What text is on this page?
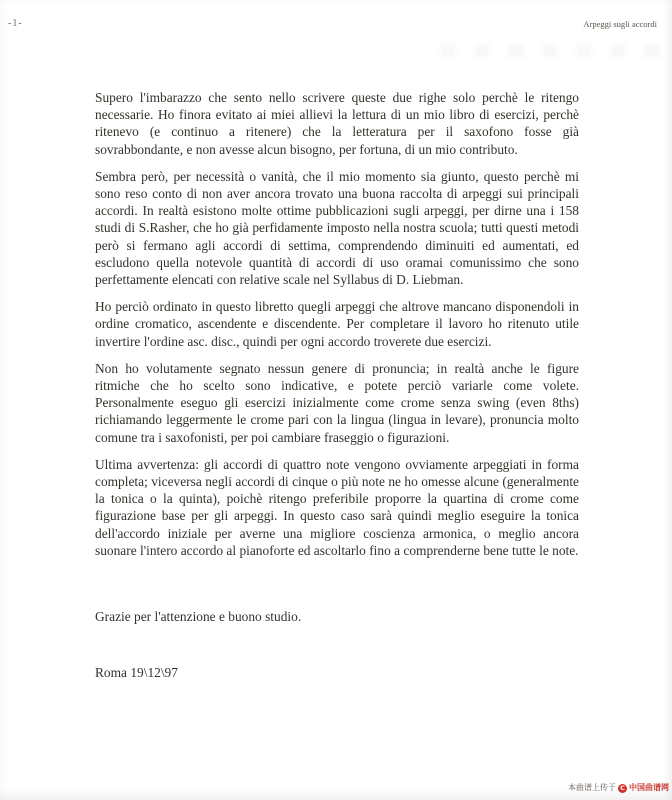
-1-	Arpeggi sugli accordi

Supero l'imbarazzo che sento nello scrivere queste due righe solo perchè le ritengo necessarie. Ho finora evitato ai miei allievi la lettura di un mio libro di esercizi, perchè ritenevo (e continuo a ritenere) che la letteratura per il saxofono fosse già sovrabbondante, e non avesse alcun bisogno, per fortuna, di un mio contributo.

Sembra però, per necessità o vanità, che il mio momento sia giunto, questo perchè mi sono reso conto di non aver ancora trovato una buona raccolta di arpeggi sui principali accordi. In realtà esistono molte ottime pubblicazioni sugli arpeggi, per dirne una i 158 studi di S.Rasher, che ho già perfidamente imposto nella nostra scuola; tutti questi metodi però si fermano agli accordi di settima, comprendendo diminuiti ed aumentati, ed escludono quella notevole quantità di accordi di uso oramai comunissimo che sono perfettamente elencati con relative scale nel Syllabus di D. Liebman.

Ho perciò ordinato in questo libretto quegli arpeggi che altrove mancano disponendoli in ordine cromatico, ascendente e discendente. Per completare il lavoro ho ritenuto utile invertire l'ordine asc. disc., quindi per ogni accordo troverete due esercizi.

Non ho volutamente segnato nessun genere di pronuncia; in realtà anche le figure ritmiche che ho scelto sono indicative, e potete perciò variarle come volete. Personalmente eseguo gli esercizi inizialmente come crome senza swing (even 8ths) richiamando leggermente le crome pari con la lingua (lingua in levare), pronuncia molto comune tra i saxofonisti, per poi cambiare fraseggio o figurazioni.

Ultima avvertenza: gli accordi di quattro note vengono ovviamente arpeggiati in forma completa; viceversa negli accordi di cinque o più note ne ho omesse alcune (generalmente la tonica o la quinta), poichè ritengo preferibile proporre la quartina di crome come figurazione base per gli arpeggi. In questo caso sarà quindi meglio eseguire la tonica dell'accordo iniziale per averne una migliore coscienza armonica, o meglio ancora suonare l'intero accordo al pianoforte ed ascoltarlo fino a comprenderne bene tutte le note.

Grazie per l'attenzione e buono studio.

Roma 19\12\97

本曲谱上传于 C 中国曲谱网
